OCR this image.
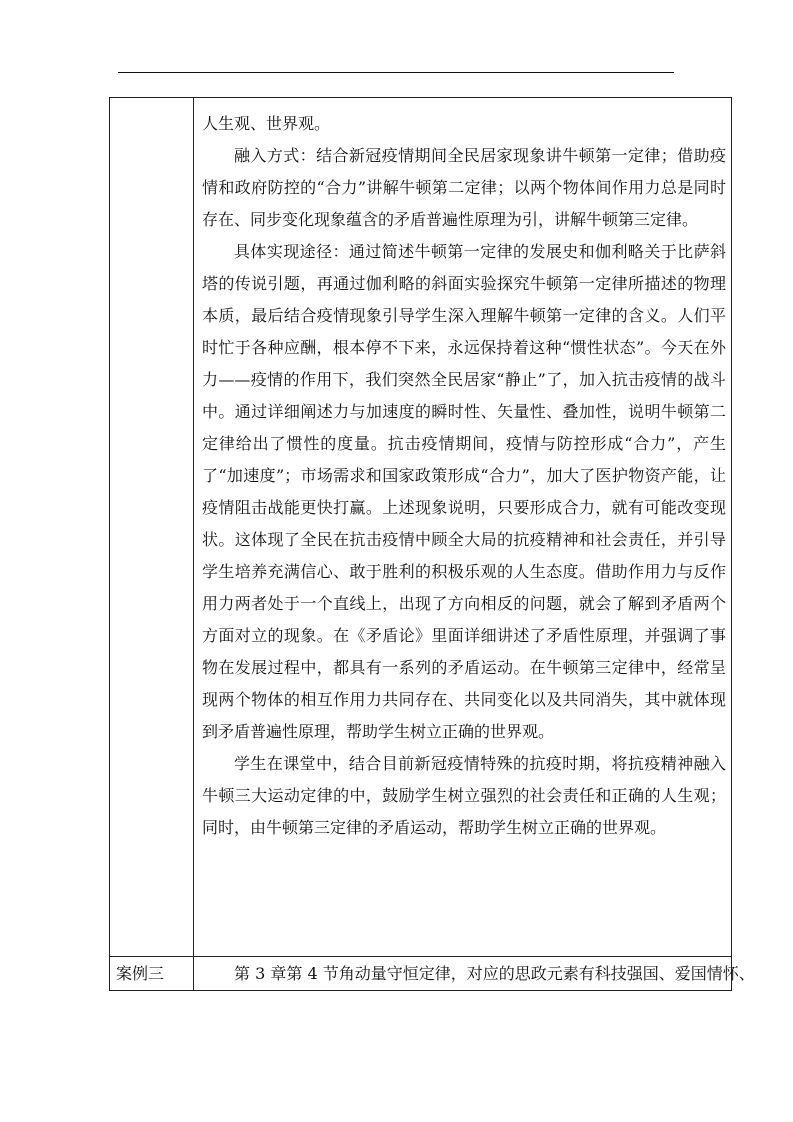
人生观、世界观。

融入方式：结合新冠疫情期间全民居家现象讲牛顿第一定律；借助疫情和政府防控的“合力”讲解牛顿第二定律；以两个物体间作用力总是同时存在、同步变化现象蕴含的矛盾普遍性原理为引，讲解牛顿第三定律。

具体实现途径：通过简述牛顿第一定律的发展史和伽利略关于比萨斜塔的传说引题，再通过伽利略的斜面实验探究牛顿第一定律所描述的物理本质，最后结合疫情现象引导学生深入理解牛顿第一定律的含义。人们平时忙于各种应酬，根本停不下来，永远保持着这种“惯性状态”。今天在外力——疫情的作用下，我们突然全民居家“静止”了，加入抗击疫情的战斗中。通过详细阐述力与加速度的瞬时性、矢量性、叠加性，说明牛顿第二定律给出了惯性的度量。抗击疫情期间，疫情与防控形成“合力”，产生了“加速度”；市场需求和国家政策形成“合力”，加大了医护物资产能，让疫情阻击战能更快打赢。上述现象说明，只要形成合力，就有可能改变现状。这体现了全民在抗击疫情中顾全大局的抗疫精神和社会责任，并引导学生培养充满信心、敢于胜利的积极乐观的人生态度。借助作用力与反作用力两者处于一个直线上，出现了方向相反的问题，就会了解到矛盾两个方面对立的现象。在《矛盾论》里面详细讲述了矛盾性原理，并强调了事物在发展过程中，都具有一系列的矛盾运动。在牛顿第三定律中，经常呈现两个物体的相互作用力共同存在、共同变化以及共同消失，其中就体现到矛盾普遍性原理，帮助学生树立正确的世界观。

学生在课堂中，结合目前新冠疫情特殊的抗疫时期，将抗疫精神融入牛顿三大运动定律的中，鼓励学生树立强烈的社会责任和正确的人生观；同时，由牛顿第三定律的矛盾运动，帮助学生树立正确的世界观。

案例三	第 3 章第 4 节角动量守恒定律，对应的思政元素有科技强国、爱国情怀、
